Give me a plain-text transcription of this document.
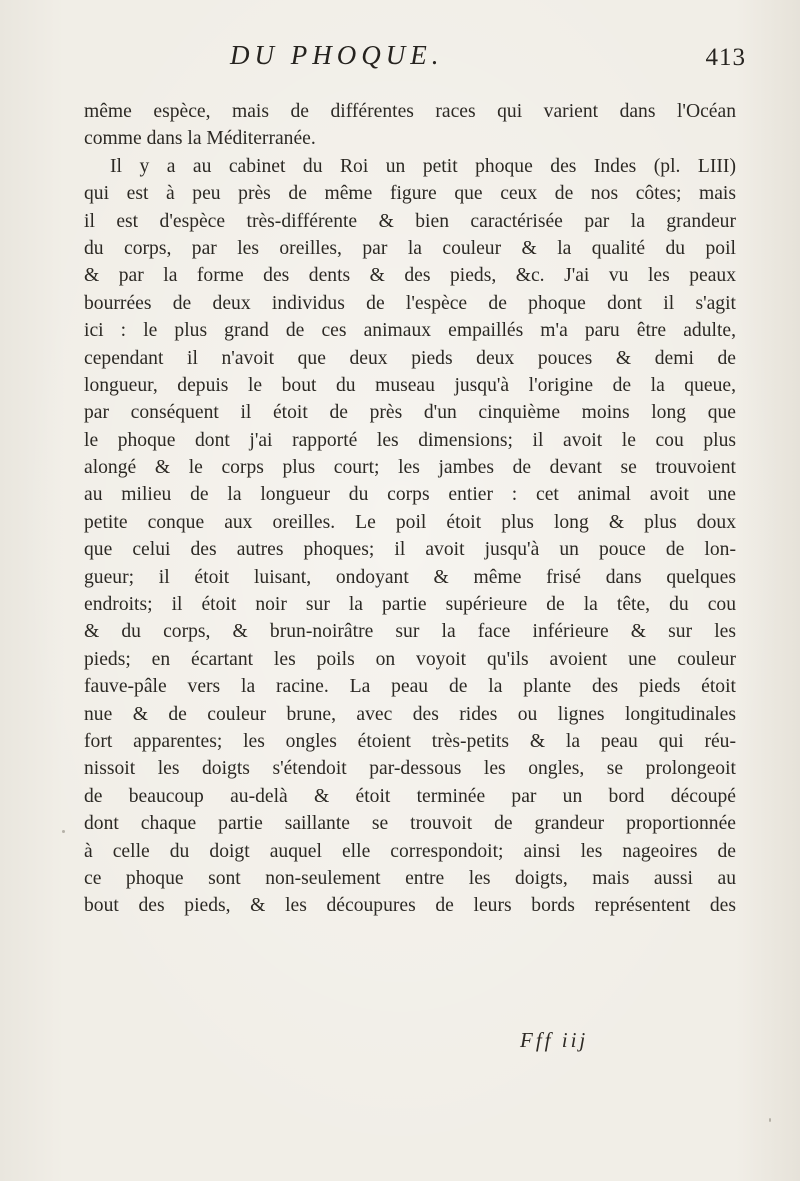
DU PHOQUE.	413
même espèce, mais de différentes races qui varient dans l'Océan
comme dans la Méditerranée.
Il y a au cabinet du Roi un petit phoque des Indes (pl. LIII)
qui est à peu près de même figure que ceux de nos côtes; mais
il est d'espèce très-différente & bien caractérisée par la grandeur
du corps, par les oreilles, par la couleur & la qualité du poil
& par la forme des dents & des pieds, &c. J'ai vu les peaux
bourrées de deux individus de l'espèce de phoque dont il s'agit
ici : le plus grand de ces animaux empaillés m'a paru être adulte,
cependant il n'avoit que deux pieds deux pouces & demi de
longueur, depuis le bout du museau jusqu'à l'origine de la queue,
par conséquent il étoit de près d'un cinquième moins long que
le phoque dont j'ai rapporté les dimensions; il avoit le cou plus
alongé & le corps plus court; les jambes de devant se trouvoient
au milieu de la longueur du corps entier : cet animal avoit une
petite conque aux oreilles. Le poil étoit plus long & plus doux
que celui des autres phoques; il avoit jusqu'à un pouce de lon-
gueur; il étoit luisant, ondoyant & même frisé dans quelques
endroits; il étoit noir sur la partie supérieure de la tête, du cou
& du corps, & brun-noirâtre sur la face inférieure & sur les
pieds; en écartant les poils on voyoit qu'ils avoient une couleur
fauve-pâle vers la racine. La peau de la plante des pieds étoit
nue & de couleur brune, avec des rides ou lignes longitudinales
fort apparentes; les ongles étoient très-petits & la peau qui réu-
nissoit les doigts s'étendoit par-dessous les ongles, se prolongeoit
de beaucoup au-delà & étoit terminée par un bord découpé
dont chaque partie saillante se trouvoit de grandeur proportionnée
à celle du doigt auquel elle correspondoit; ainsi les nageoires de
ce phoque sont non-seulement entre les doigts, mais aussi au
bout des pieds, & les découpures de leurs bords représentent des
Fff iij
